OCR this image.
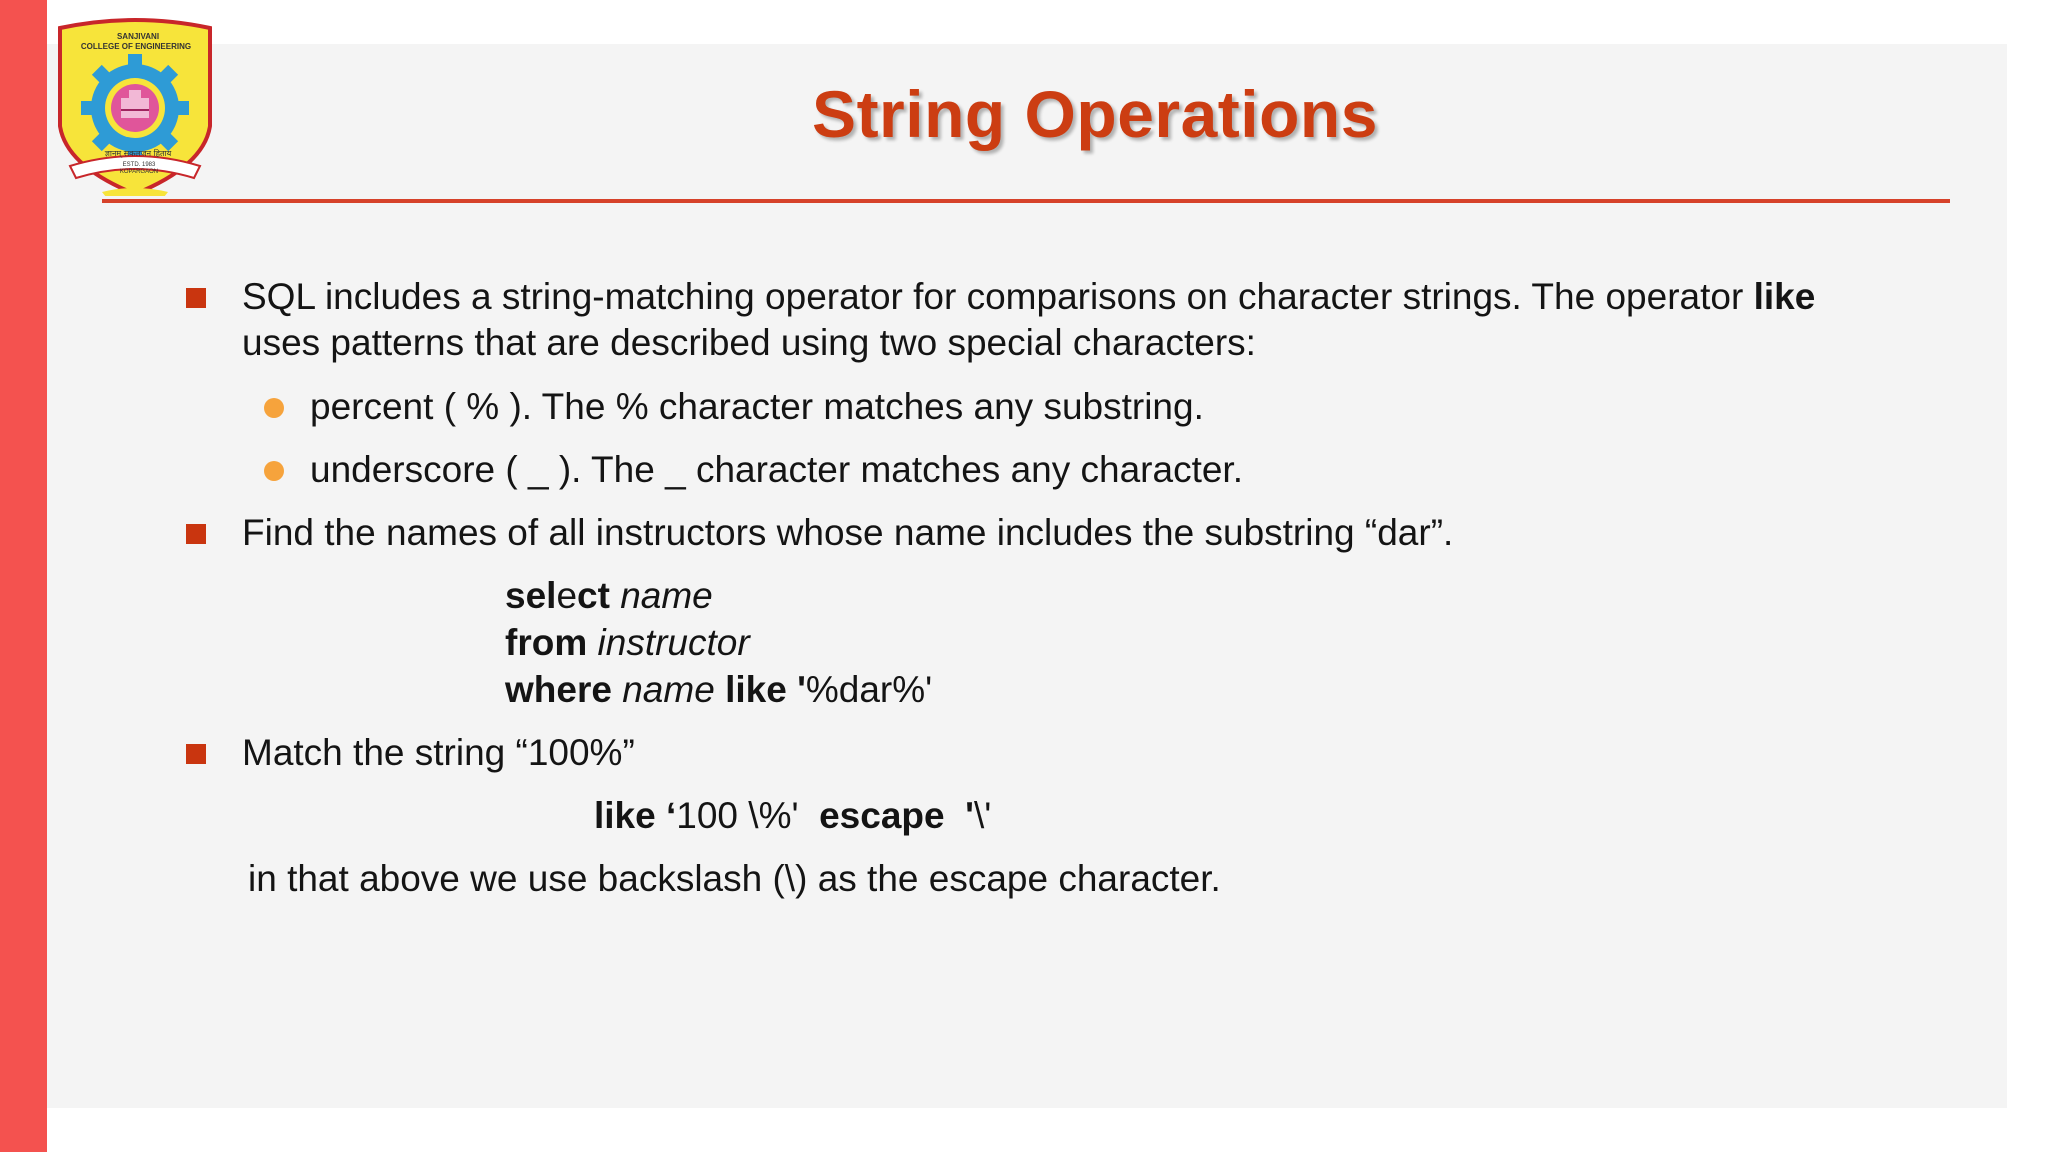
SANJIVANI
COLLEGE OF ENGINEERING
ज्ञानम् सकलजन हिताय
ESTD. 1983
KOPARGAON
String Operations
SQL includes a string-matching operator for comparisons on character strings. The operator like
uses patterns that are described using two special characters:
percent ( % ). The % character matches any substring.
underscore ( _ ). The _ character matches any character.
Find the names of all instructors whose name includes the substring “dar”.
select name
from instructor
where name like '%dar%'
Match the string “100%”
like ‘100 \%' escape '\'
in that above we use backslash (\) as the escape character.
